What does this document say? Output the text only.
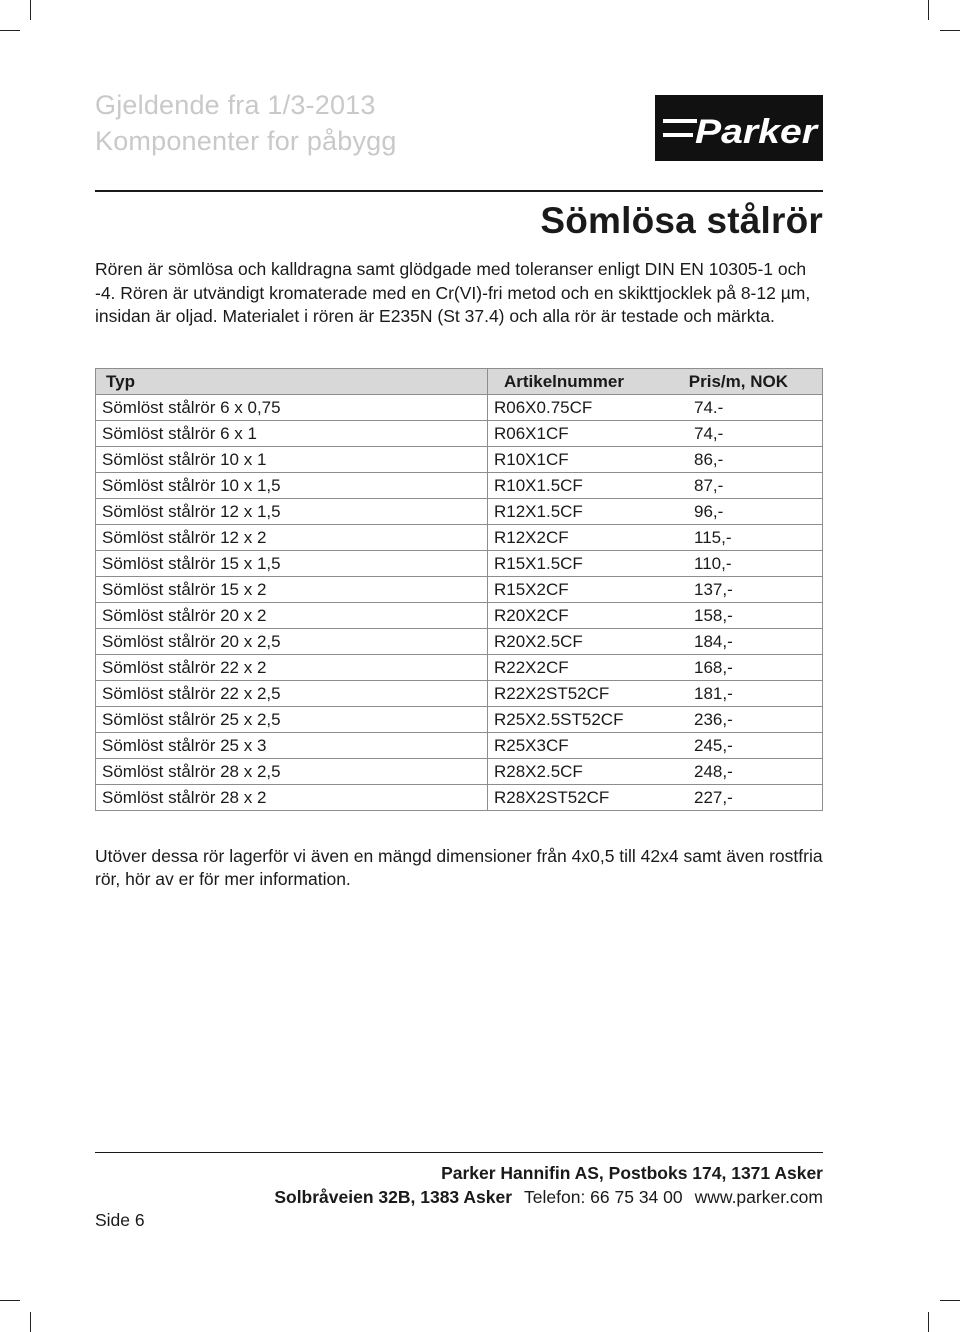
Gjeldende fra 1/3-2013
Komponenter for påbygg	Parker
Sömlösa stålrör
Rören är sömlösa och kalldragna samt glödgade med toleranser enligt DIN EN 10305-1 och -4. Rören är utvändigt kromaterade med en Cr(VI)-fri metod och en skikttjocklek på 8-12 µm, insidan är oljad. Materialet i rören är E235N (St 37.4) och alla rör är testade och märkta.
Typ	Artikelnummer	Pris/m, NOK
Sömlöst stålrör 6 x 0,75	R06X0.75CF	74.-
Sömlöst stålrör 6 x 1	R06X1CF	74,-
Sömlöst stålrör 10 x 1	R10X1CF	86,-
Sömlöst stålrör 10 x 1,5	R10X1.5CF	87,-
Sömlöst stålrör 12 x 1,5	R12X1.5CF	96,-
Sömlöst stålrör 12 x 2	R12X2CF	115,-
Sömlöst stålrör 15 x 1,5	R15X1.5CF	110,-
Sömlöst stålrör 15 x 2	R15X2CF	137,-
Sömlöst stålrör 20 x 2	R20X2CF	158,-
Sömlöst stålrör 20 x 2,5	R20X2.5CF	184,-
Sömlöst stålrör 22 x 2	R22X2CF	168,-
Sömlöst stålrör 22 x 2,5	R22X2ST52CF	181,-
Sömlöst stålrör 25 x 2,5	R25X2.5ST52CF	236,-
Sömlöst stålrör 25 x 3	R25X3CF	245,-
Sömlöst stålrör 28 x 2,5	R28X2.5CF	248,-
Sömlöst stålrör 28 x 2	R28X2ST52CF	227,-
Utöver dessa rör lagerför vi även en mängd dimensioner från 4x0,5 till 42x4 samt även rostfria rör, hör av er för mer information.
Parker Hannifin AS, Postboks 174, 1371 Asker
Solbråveien 32B, 1383 Asker Telefon: 66 75 34 00 www.parker.com
Side 6
